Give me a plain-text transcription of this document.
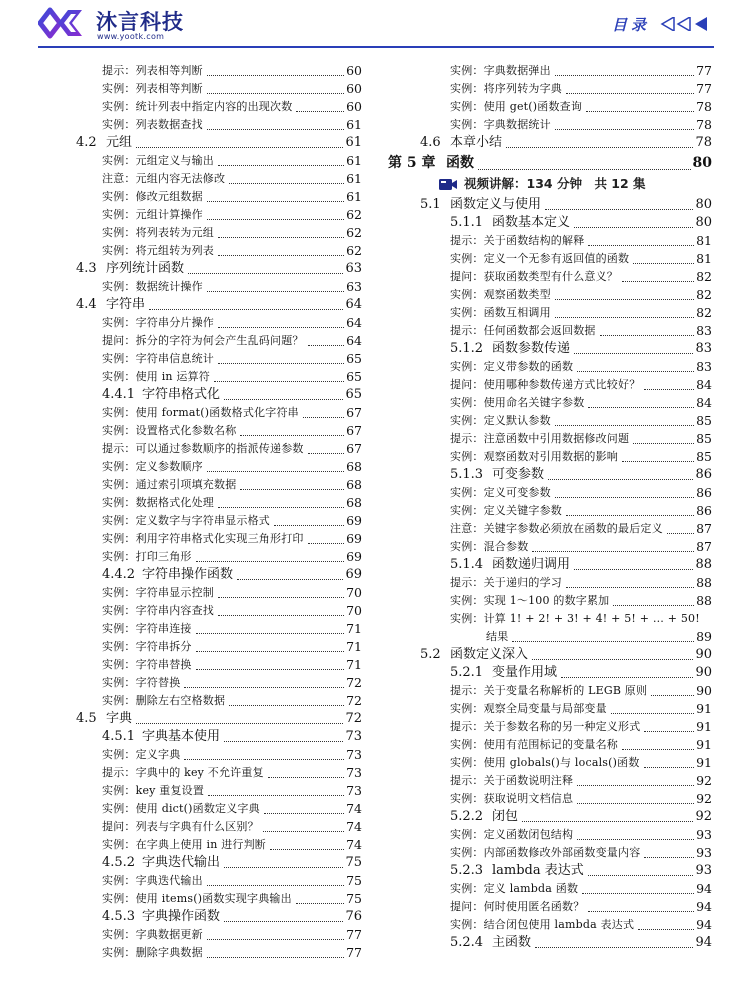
沐言科技
www.yootk.com
目录
提示：列表相等判断	60
实例：列表相等判断	60
实例：统计列表中指定内容的出现次数	60
实例：列表数据查找	61
4.2 元组	61
实例：元组定义与输出	61
注意：元组内容无法修改	61
实例：修改元组数据	61
实例：元组计算操作	62
实例：将列表转为元组	62
实例：将元组转为列表	62
4.3 序列统计函数	63
实例：数据统计操作	63
4.4 字符串	64
实例：字符串分片操作	64
提问：拆分的字符为何会产生乱码问题？	64
实例：字符串信息统计	65
实例：使用 in 运算符	65
4.4.1 字符串格式化	65
实例：使用 format()函数格式化字符串	67
实例：设置格式化参数名称	67
提示：可以通过参数顺序的指派传递参数	67
实例：定义参数顺序	68
实例：通过索引项填充数据	68
实例：数据格式化处理	68
实例：定义数字与字符串显示格式	69
实例：利用字符串格式化实现三角形打印	69
实例：打印三角形	69
4.4.2 字符串操作函数	69
实例：字符串显示控制	70
实例：字符串内容查找	70
实例：字符串连接	71
实例：字符串拆分	71
实例：字符串替换	71
实例：字符替换	72
实例：删除左右空格数据	72
4.5 字典	72
4.5.1 字典基本使用	73
实例：定义字典	73
提示：字典中的 key 不允许重复	73
实例：key 重复设置	73
实例：使用 dict()函数定义字典	74
提问：列表与字典有什么区别？	74
实例：在字典上使用 in 进行判断	74
4.5.2 字典迭代输出	75
实例：字典迭代输出	75
实例：使用 items()函数实现字典输出	75
4.5.3 字典操作函数	76
实例：字典数据更新	77
实例：删除字典数据	77
实例：字典数据弹出	77
实例：将序列转为字典	77
实例：使用 get()函数查询	78
实例：字典数据统计	78
4.6 本章小结	78
第 5 章 函数	80
视频讲解：134 分钟　共 12 集
5.1 函数定义与使用	80
5.1.1 函数基本定义	80
提示：关于函数结构的解释	81
实例：定义一个无参有返回值的函数	81
提问：获取函数类型有什么意义？	82
实例：观察函数类型	82
实例：函数互相调用	82
提示：任何函数都会返回数据	83
5.1.2 函数参数传递	83
实例：定义带参数的函数	83
提问：使用哪种参数传递方式比较好？	84
实例：使用命名关键字参数	84
实例：定义默认参数	85
提示：注意函数中引用数据修改问题	85
实例：观察函数对引用数据的影响	85
5.1.3 可变参数	86
实例：定义可变参数	86
实例：定义关键字参数	86
注意：关键字参数必须放在函数的最后定义	87
实例：混合参数	87
5.1.4 函数递归调用	88
提示：关于递归的学习	88
实例：实现 1～100 的数字累加	88
实例：计算 1! + 2! + 3! + 4! + 5! + … + 50!
结果	89
5.2 函数定义深入	90
5.2.1 变量作用域	90
提示：关于变量名称解析的 LEGB 原则	90
实例：观察全局变量与局部变量	91
提示：关于参数名称的另一种定义形式	91
实例：使用有范围标记的变量名称	91
实例：使用 globals()与 locals()函数	91
提示：关于函数说明注释	92
实例：获取说明文档信息	92
5.2.2 闭包	92
实例：定义函数闭包结构	93
实例：内部函数修改外部函数变量内容	93
5.2.3 lambda 表达式	93
实例：定义 lambda 函数	94
提问：何时使用匿名函数？	94
实例：结合闭包使用 lambda 表达式	94
5.2.4 主函数	94
